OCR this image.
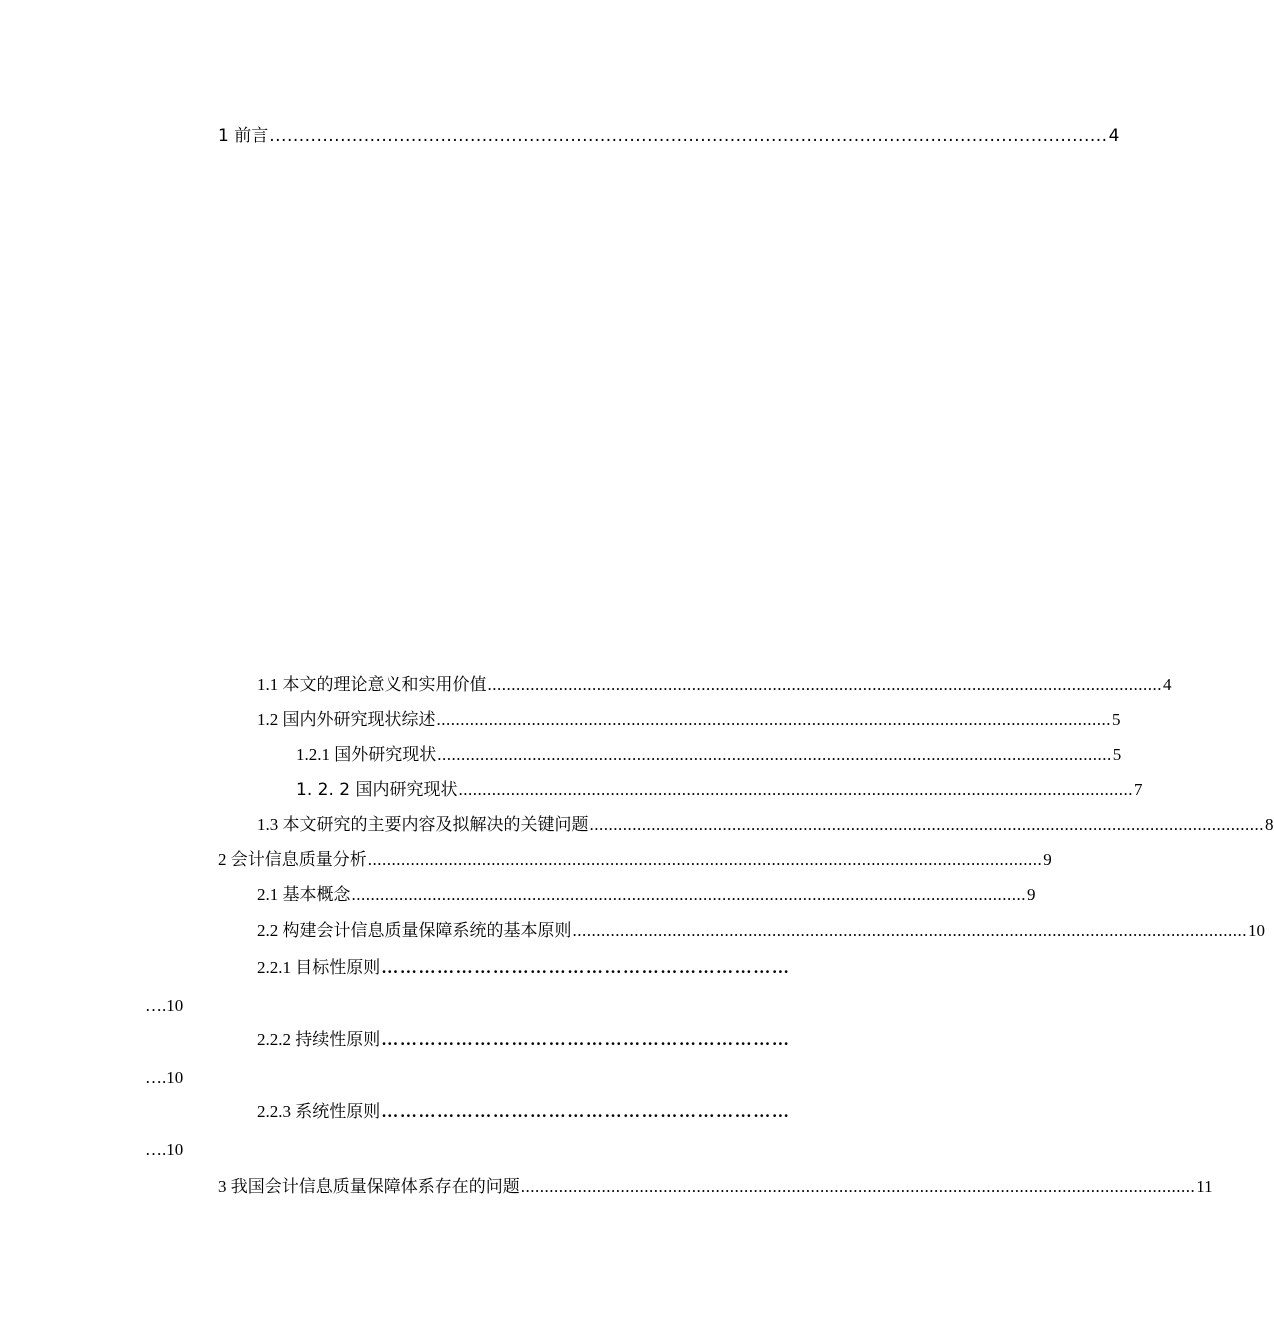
1 前言 .............................................................................................................................................. 4
1.1 本文的理论意义和实用价值 .............................................................................................................................................. 4
1.2 国内外研究现状综述 .............................................................................................................................................. 5
1.2.1 国外研究现状 .............................................................................................................................................. 5
1. 2. 2 国内研究现状 .............................................................................................................................................. 7
1.3 本文研究的主要内容及拟解决的关键问题 .............................................................................................................................................. 8
2 会计信息质量分析 .............................................................................................................................................. 9
2.1 基本概念 .............................................................................................................................................. 9
2.2 构建会计信息质量保障系统的基本原则 .............................................................................................................................................. 10
2.2.1 目标性原则 …………………………………………………………
….10
2.2.2 持续性原则 …………………………………………………………
….10
2.2.3 系统性原则 …………………………………………………………
….10
3 我国会计信息质量保障体系存在的问题 .............................................................................................................................................. 11
